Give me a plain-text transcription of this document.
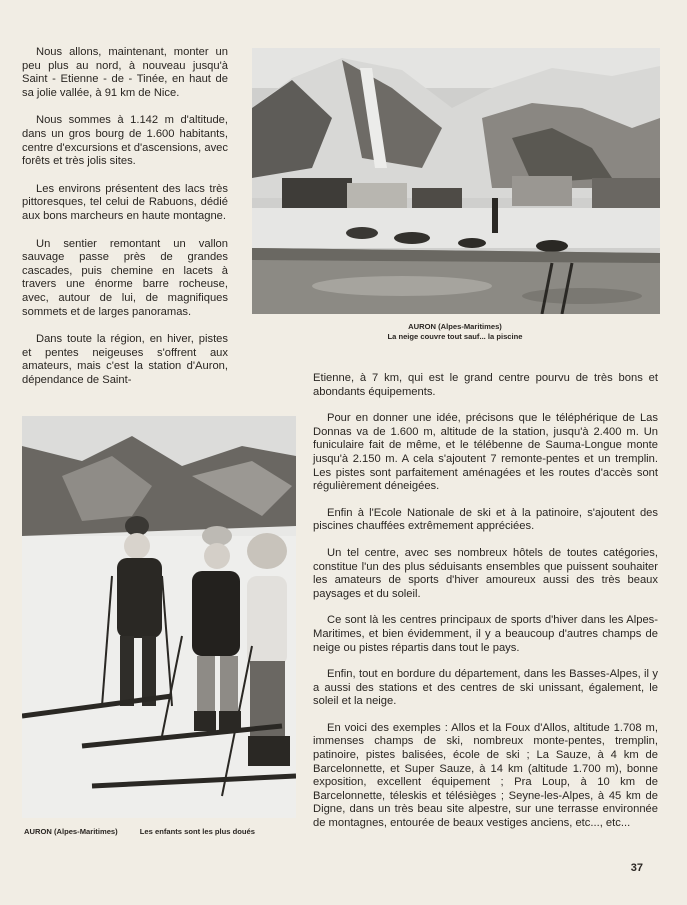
Nous allons, maintenant, monter un peu plus au nord, à nouveau jusqu'à Saint - Etienne - de - Tinée, en haut de sa jolie vallée, à 91 km de Nice.

Nous sommes à 1.142 m d'altitude, dans un gros bourg de 1.600 habitants, centre d'excursions et d'ascensions, avec forêts et très jolis sites.

Les environs présentent des lacs très pittoresques, tel celui de Rabuons, dédié aux bons marcheurs en haute montagne.

Un sentier remontant un vallon sauvage passe près de grandes cascades, puis chemine en lacets à travers une énorme barre rocheuse, avec, autour de lui, de magnifiques sommets et de larges panoramas.

Dans toute la région, en hiver, pistes et pentes neigeuses s'offrent aux amateurs, mais c'est la station d'Auron, dépendance de Saint-

AURON (Alpes-Maritimes)
La neige couvre tout sauf... la piscine
AURON (Alpes-Maritimes)	Les enfants sont les plus doués

Etienne, à 7 km, qui est le grand centre pourvu de très bons et abondants équipements.

Pour en donner une idée, précisons que le téléphérique de Las Donnas va de 1.600 m, altitude de la station, jusqu'à 2.400 m. Un funiculaire fait de même, et le télébenne de Sauma-Longue monte jusqu'à 2.150 m. A cela s'ajoutent 7 remonte-pentes et un tremplin. Les pistes sont parfaitement aménagées et les routes d'accès sont régulièrement déneigées.

Enfin à l'Ecole Nationale de ski et à la patinoire, s'ajoutent des piscines chauffées extrêmement appréciées.

Un tel centre, avec ses nombreux hôtels de toutes catégories, constitue l'un des plus séduisants ensembles que puissent souhaiter les amateurs de sports d'hiver amoureux aussi des très beaux paysages et du soleil.

Ce sont là les centres principaux de sports d'hiver dans les Alpes-Maritimes, et bien évidemment, il y a beaucoup d'autres champs de neige ou pistes répartis dans tout le pays.

Enfin, tout en bordure du département, dans les Basses-Alpes, il y a aussi des stations et des centres de ski unissant, également, le soleil et la neige.

En voici des exemples : Allos et la Foux d'Allos, altitude 1.708 m, immenses champs de ski, nombreux monte-pentes, tremplin, patinoire, pistes balisées, école de ski ; La Sauze, à 4 km de Barcelonnette, et Super Sauze, à 14 km (altitude 1.700 m), bonne exposition, excellent équipement ; Pra Loup, à 10 km de Barcelonnette, téleskis et télésièges ; Seyne-les-Alpes, à 45 km de Digne, dans un très beau site alpestre, sur une terrasse environnée de montagnes, entourée de beaux vestiges anciens, etc..., etc...

37
